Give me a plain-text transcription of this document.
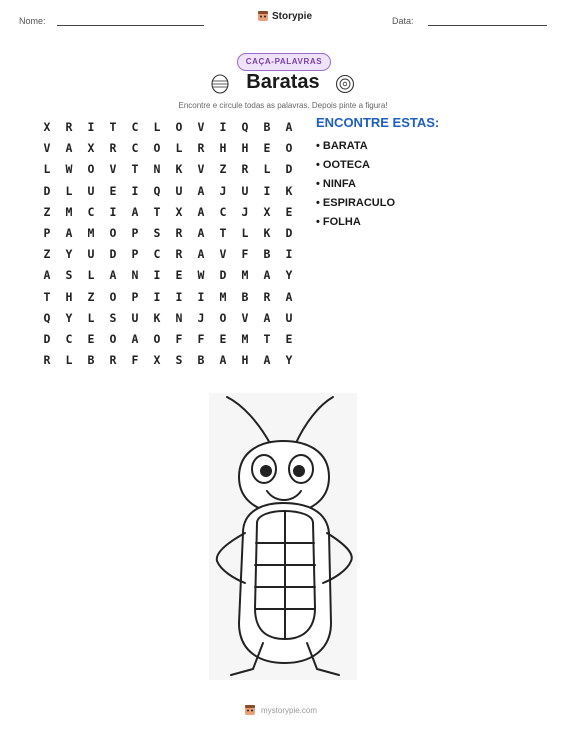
Nome:	Storypie	Data:
CAÇA-PALAVRAS
Baratas
Encontre e circule todas as palavras. Depois pinte a figura!
X	R	I	T	C	L	O	V	I	Q	B	A
V	A	X	R	C	O	L	R	H	H	E	O
L	W	O	V	T	N	K	V	Z	R	L	D
D	L	U	E	I	Q	U	A	J	U	I	K
Z	M	C	I	A	T	X	A	C	J	X	E
P	A	M	O	P	S	R	A	T	L	K	D
Z	Y	U	D	P	C	R	A	V	F	B	I
A	S	L	A	N	I	E	W	D	M	A	Y
T	H	Z	O	P	I	I	I	M	B	R	A
Q	Y	L	S	U	K	N	J	O	V	A	U
D	C	E	O	A	O	F	F	E	M	T	E
R	L	B	R	F	X	S	B	A	H	A	Y
ENCONTRE ESTAS:
• BARATA
• OOTECA
• NINFA
• ESPIRACULO
• FOLHA
mystorypie.com
